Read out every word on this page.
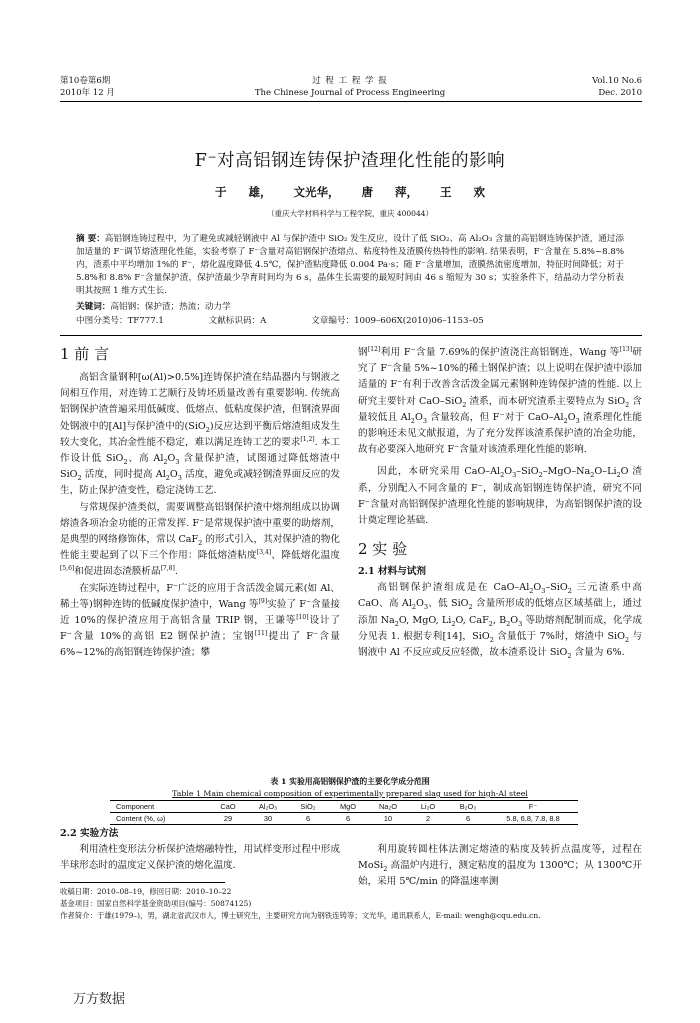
第10卷第6期
2010年 12 月
过 程 工 程 学 报
The Chinese Journal of Process Engineering
Vol.10 No.6
Dec. 2010
F⁻对高铝钢连铸保护渣理化性能的影响
于 雄， 文光华， 唐 萍， 王 欢
（重庆大学材料科学与工程学院，重庆 400044）
摘 要：高铝钢连铸过程中，为了避免或减轻钢液中 Al 与保护渣中 SiO₂ 发生反应，设计了低 SiO₂、高 Al₂O₃ 含量的高铝钢连铸保护渣，通过添加适量的 F⁻调节熔渣理化性能，实验考察了 F⁻含量对高铝钢保护渣熔点、粘度特性及渣膜传热特性的影响. 结果表明，F⁻含量在 5.8%~8.8%内，渣系中平均增加 1%的 F⁻，熔化温度降低 4.5℃，保护渣粘度降低 0.004 Pa·s；随 F⁻含量增加，渣膜热流密度增加，特征时间降低；对于 5.8%和 8.8% F⁻含量保护渣，保护渣最少孕育时间均为 6 s，晶体生长需要的最短时间由 46 s 缩短为 30 s；实验条件下，结晶动力学分析表明其按照 1 维方式生长.
关键词：高铝钢；保护渣；热流；动力学
中图分类号：TF777.1	文献标识码：A	文章编号：1009–606X(2010)06–1153–05
1 前 言

高铝含量钢种[ω(Al)>0.5%]连铸保护渣在结晶器内与钢液之间相互作用，对连铸工艺顺行及铸坯质量改善有重要影响. 传统高铝钢保护渣普遍采用低碱度、低熔点、低粘度保护渣，但钢渣界面处钢液中的[Al]与保护渣中的(SiO$_2$)反应达到平衡后熔渣组成发生较大变化，其冶金性能不稳定，难以满足连铸工艺的要求[1,2]. 本工作设计低 SiO$_2$、高 $Al_2O_3$ 含量保护渣，试图通过降低熔渣中 SiO$_2$ 活度，同时提高 $Al_2O_3$ 活度，避免或减轻钢渣界面反应的发生，防止保护渣变性，稳定浇铸工艺.

与常规保护渣类似，需要调整高铝钢保护渣中熔剂组成以协调熔渣各项冶金功能的正常发挥. F−是常规保护渣中重要的助熔剂，是典型的网络修饰体，常以 CaF$_2$ 的形式引入，其对保护渣的物化性能主要起到了以下三个作用：降低熔渣粘度[3,4]、降低熔化温度[5,6]和促进固态渣膜析晶[7,8].

在实际连铸过程中，F−广泛的应用于含活泼金属元素(如 Al、稀土等)钢种连铸的低碱度保护渣中，Wang 等[9]实验了 F−含量接近 10%的保护渣应用于高铝含量 TRIP 钢，王谦等[10]设计了 F−含量 10%的高铝 E2 钢保护渣；宝钢[11]提出了 F−含量 6%~12%的高铝钢连铸保护渣；攀

钢[12]利用 F−含量 7.69%的保护渣浇注高铝钢连，Wang 等[13]研究了 F−含量 5%~10%的稀土钢保护渣；以上说明在保护渣中添加适量的 F−有利于改善含活泼金属元素钢种连铸保护渣的性能. 以上研究主要针对 CaO–SiO$_2$ 渣系，而本研究渣系主要特点为 SiO$_2$ 含量较低且 $Al_2O_3$ 含量较高，但 F−对于 CaO–$Al_2O_3$ 渣系理化性能的影响还未见文献报道，为了充分发挥该渣系保护渣的冶金功能，故有必要深入地研究 F−含量对该渣系理化性能的影响.

因此，本研究采用 CaO–$Al_2O_3-SiO_2-MgO-Na_2O-Li_2O$ 渣系，分别配入不同含量的 F−，制成高铝钢连铸保护渣，研究不同 F−含量对高铝钢保护渣理化性能的影响规律，为高铝钢保护渣的设计奠定理论基础.

2 实 验
2.1 材料与试剂

高铝钢保护渣组成是在 CaO–$Al_2O_3-SiO_2$ 三元渣系中高 CaO、高 $Al_2O_3$、低 SiO$_2$ 含量所形成的低熔点区域基础上，通过添加 $Na_2O$, MgO, $Li_2O$, CaF$_2$, $B_2O_3$ 等助熔剂配制而成，化学成分见表 1. 根据专利[14]，SiO$_2$ 含量低于 7%时，熔渣中 SiO$_2$ 与钢液中 Al 不反应或反应轻微，故本渣系设计 SiO$_2$ 含量为 6%.

表 1 实验用高铝钢保护渣的主要化学成分范围
Table 1 Main chemical composition of experimentally prepared slag used for high-Al steel
Component	CaO	Al₂O₃	SiO₂	MgO	Na₂O	Li₂O	B₂O₃	F⁻
Content (%, ω)	29	30	6	6	10	2	6	5.8, 6.8, 7.8, 8.8
2.2 实验方法

利用渣柱变形法分析保护渣熔融特性，用试样变形过程中形成半球形态时的温度定义保护渣的熔化温度.

利用旋转圆柱体法测定熔渣的粘度及转折点温度等，过程在 MoSi$_2$ 高温炉内进行，测定粘度的温度为 1300℃；从 1300℃开始，采用 5℃/min 的降温速率测

收稿日期：2010–08–19，修回日期：2010–10–22
基金项目：国家自然科学基金资助项目(编号：50874125)
作者简介：于雄(1979–)，男，湖北省武汉市人，博士研究生，主要研究方向为钢铁连铸等；文光华，通讯联系人，E-mail: wengh@cqu.edu.cn.
万方数据
